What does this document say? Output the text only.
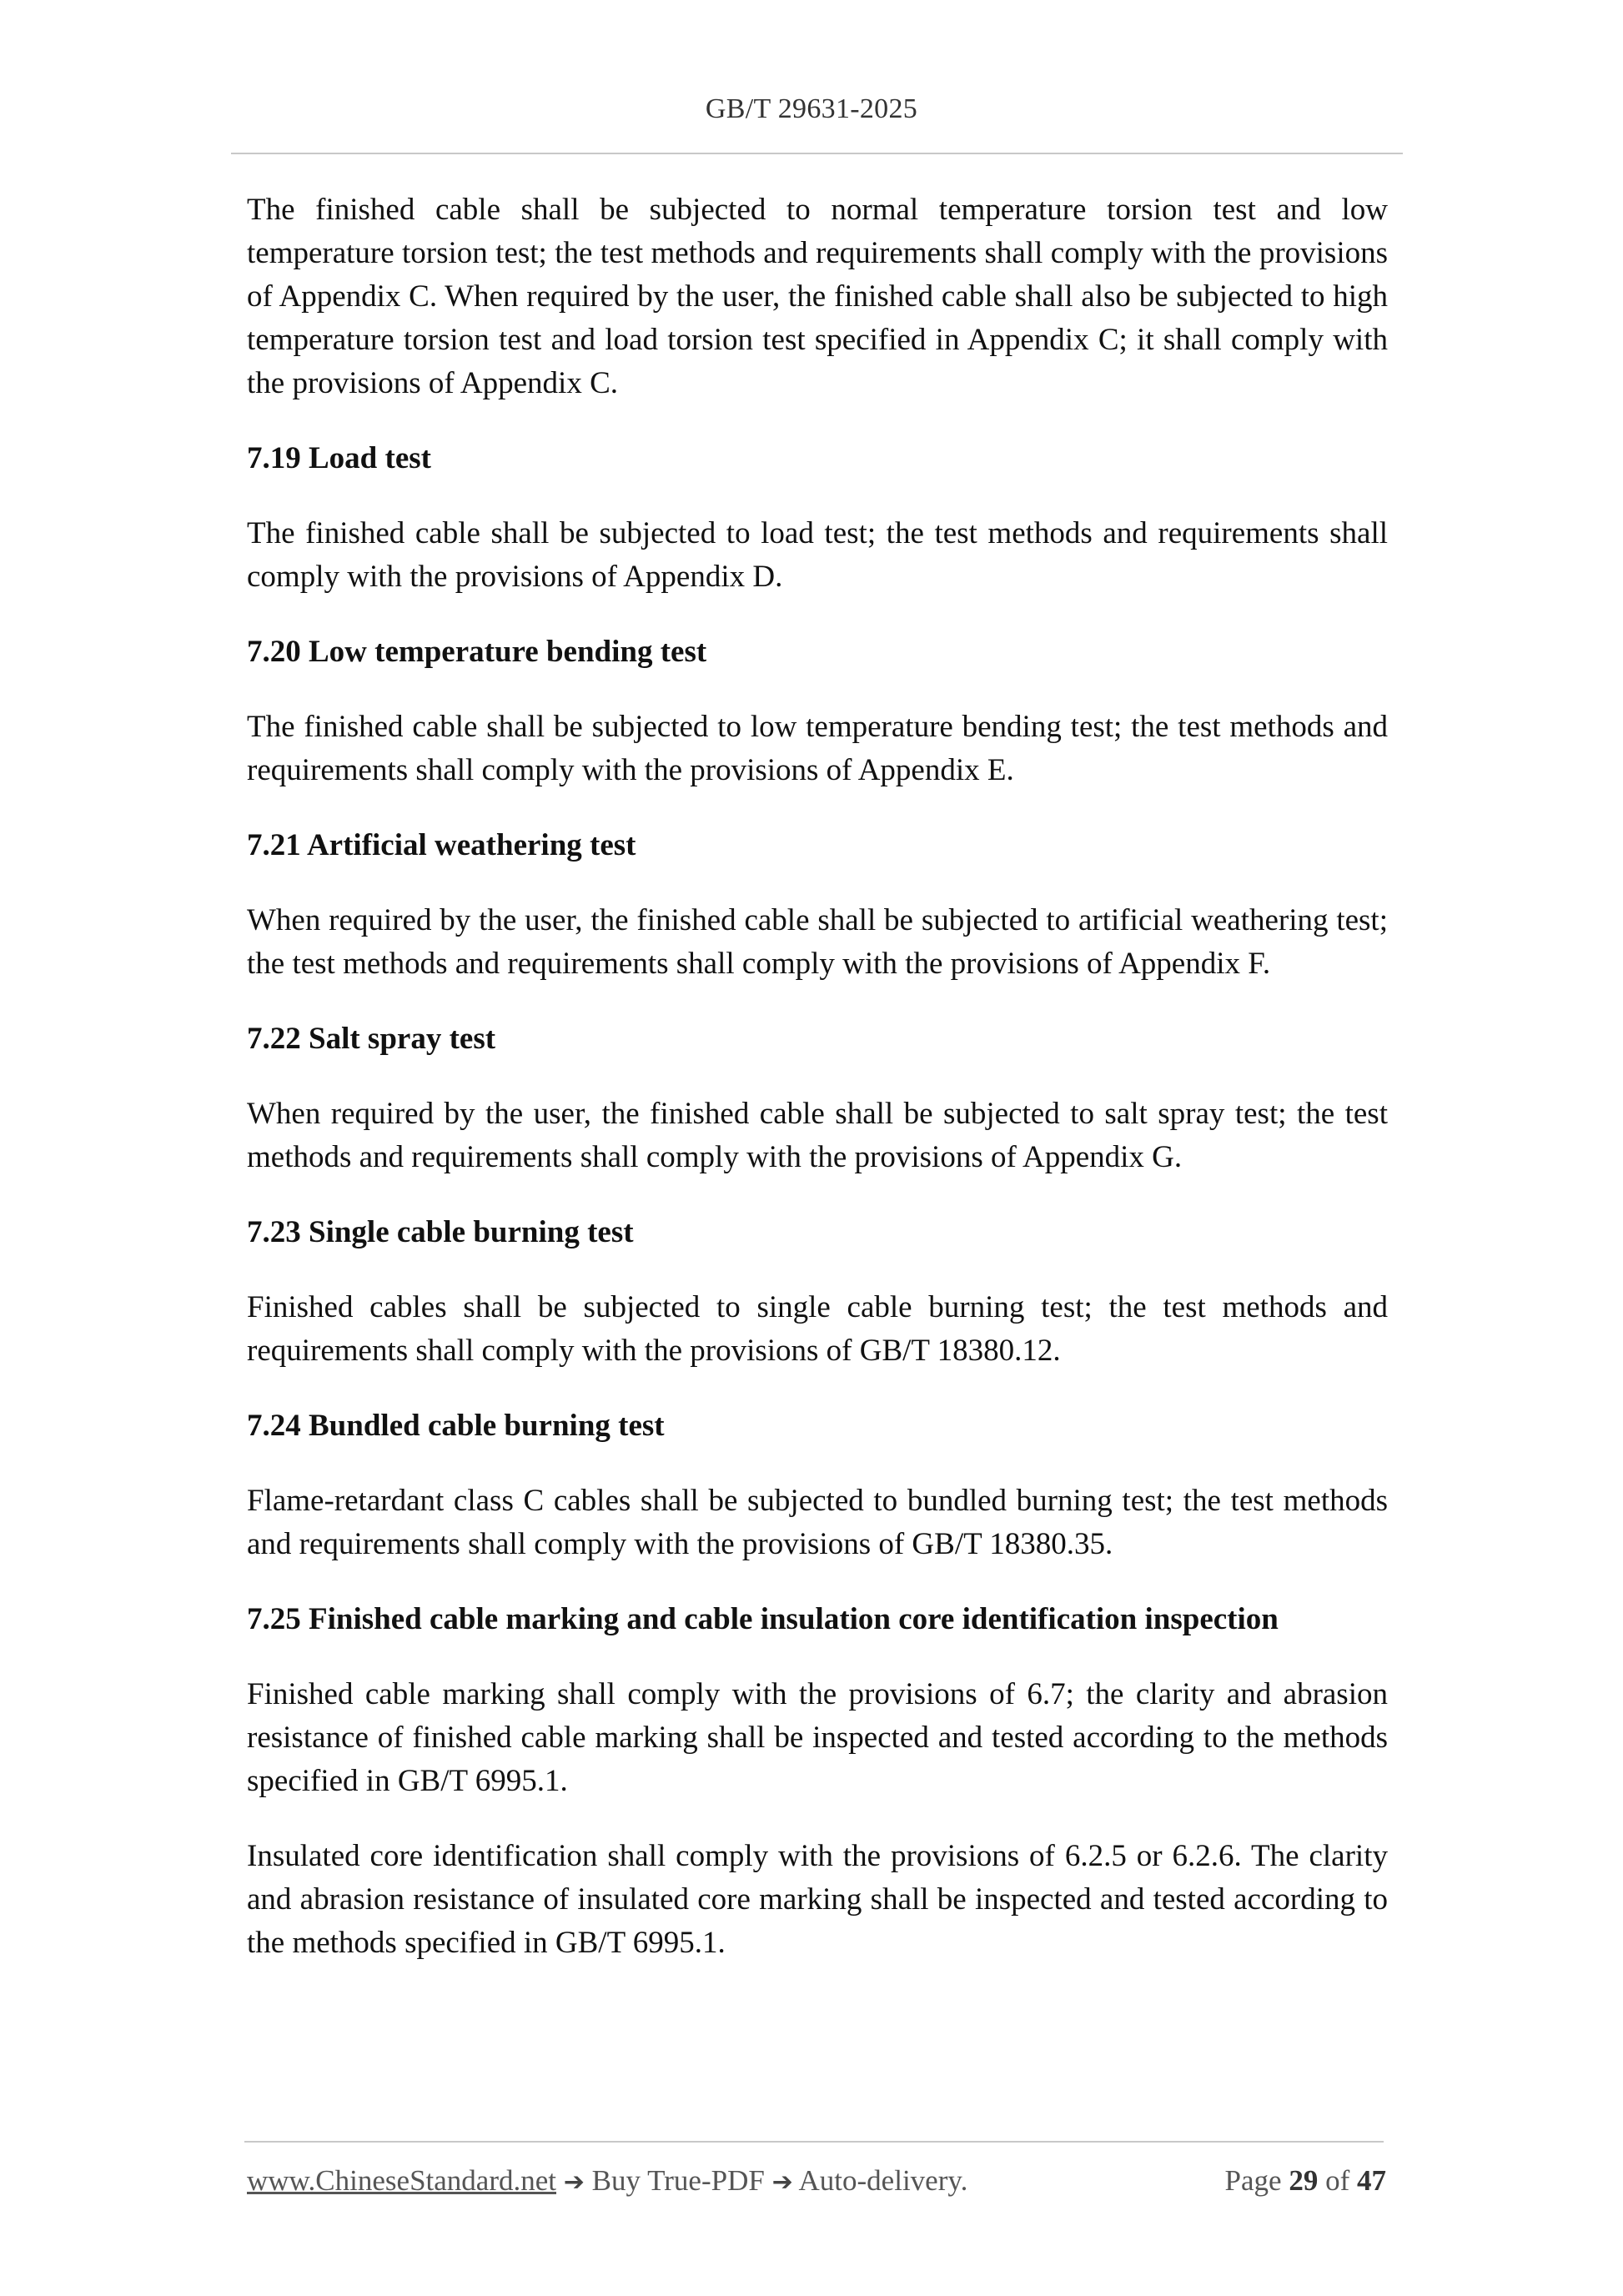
GB/T 29631-2025

The finished cable shall be subjected to normal temperature torsion test and low temperature torsion test; the test methods and requirements shall comply with the provisions of Appendix C. When required by the user, the finished cable shall also be subjected to high temperature torsion test and load torsion test specified in Appendix C; it shall comply with the provisions of Appendix C.

7.19 Load test

The finished cable shall be subjected to load test; the test methods and requirements shall comply with the provisions of Appendix D.

7.20 Low temperature bending test

The finished cable shall be subjected to low temperature bending test; the test methods and requirements shall comply with the provisions of Appendix E.

7.21 Artificial weathering test

When required by the user, the finished cable shall be subjected to artificial weathering test; the test methods and requirements shall comply with the provisions of Appendix F.

7.22 Salt spray test

When required by the user, the finished cable shall be subjected to salt spray test; the test methods and requirements shall comply with the provisions of Appendix G.

7.23 Single cable burning test

Finished cables shall be subjected to single cable burning test; the test methods and requirements shall comply with the provisions of GB/T 18380.12.

7.24 Bundled cable burning test

Flame-retardant class C cables shall be subjected to bundled burning test; the test methods and requirements shall comply with the provisions of GB/T 18380.35.

7.25 Finished cable marking and cable insulation core identification inspection

Finished cable marking shall comply with the provisions of 6.7; the clarity and abrasion resistance of finished cable marking shall be inspected and tested according to the methods specified in GB/T 6995.1.

Insulated core identification shall comply with the provisions of 6.2.5 or 6.2.6. The clarity and abrasion resistance of insulated core marking shall be inspected and tested according to the methods specified in GB/T 6995.1.

www.ChineseStandard.net ➔ Buy True-PDF ➔ Auto-delivery.	Page 29 of 47
